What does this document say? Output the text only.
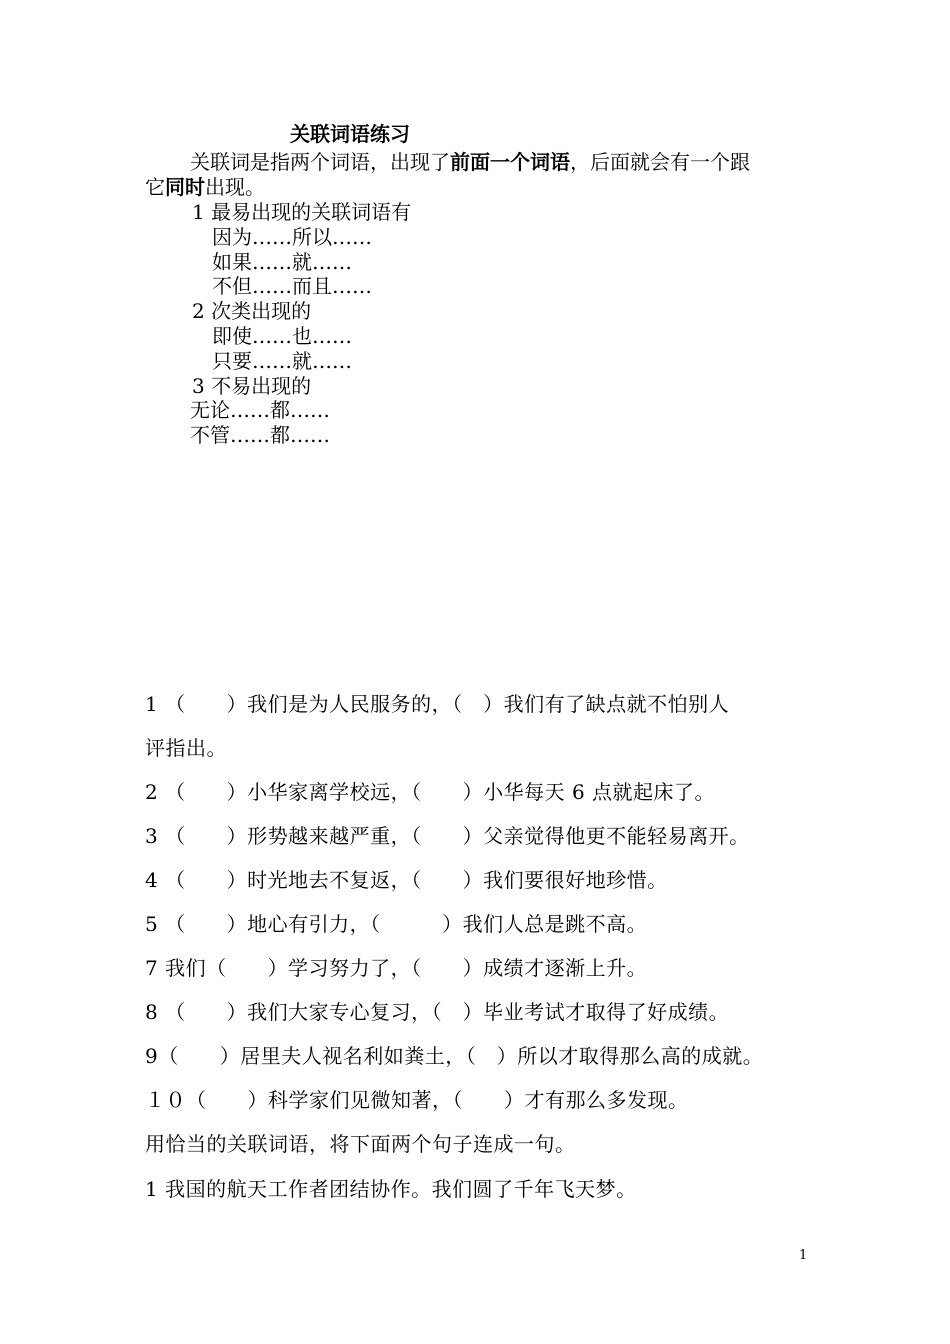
关联词语练习
关联词是指两个词语，出现了前面一个词语，后面就会有一个跟
它同时出现。
1 最易出现的关联词语有
因为……所以……
如果……就……
不但……而且……
2 次类出现的
即使……也……
只要……就……
3 不易出现的
无论……都……
不管……都……
1 （　　）我们是为人民服务的，（　）我们有了缺点就不怕别人
评指出。
2 （　　）小华家离学校远，（　　）小华每天 6 点就起床了。
3 （　　）形势越来越严重，（　　）父亲觉得他更不能轻易离开。
4 （　　）时光地去不复返，（　　）我们要很好地珍惜。
5 （　　）地心有引力，（　　　）我们人总是跳不高。
7 我们（　　）学习努力了，（　　）成绩才逐渐上升。
8 （　　）我们大家专心复习，（　）毕业考试才取得了好成绩。
9（　　）居里夫人视名利如粪土，（　）所以才取得那么高的成就。
１０（　　）科学家们见微知著，（　　）才有那么多发现。
用恰当的关联词语，将下面两个句子连成一句。
1 我国的航天工作者团结协作。我们圆了千年飞天梦。
1
